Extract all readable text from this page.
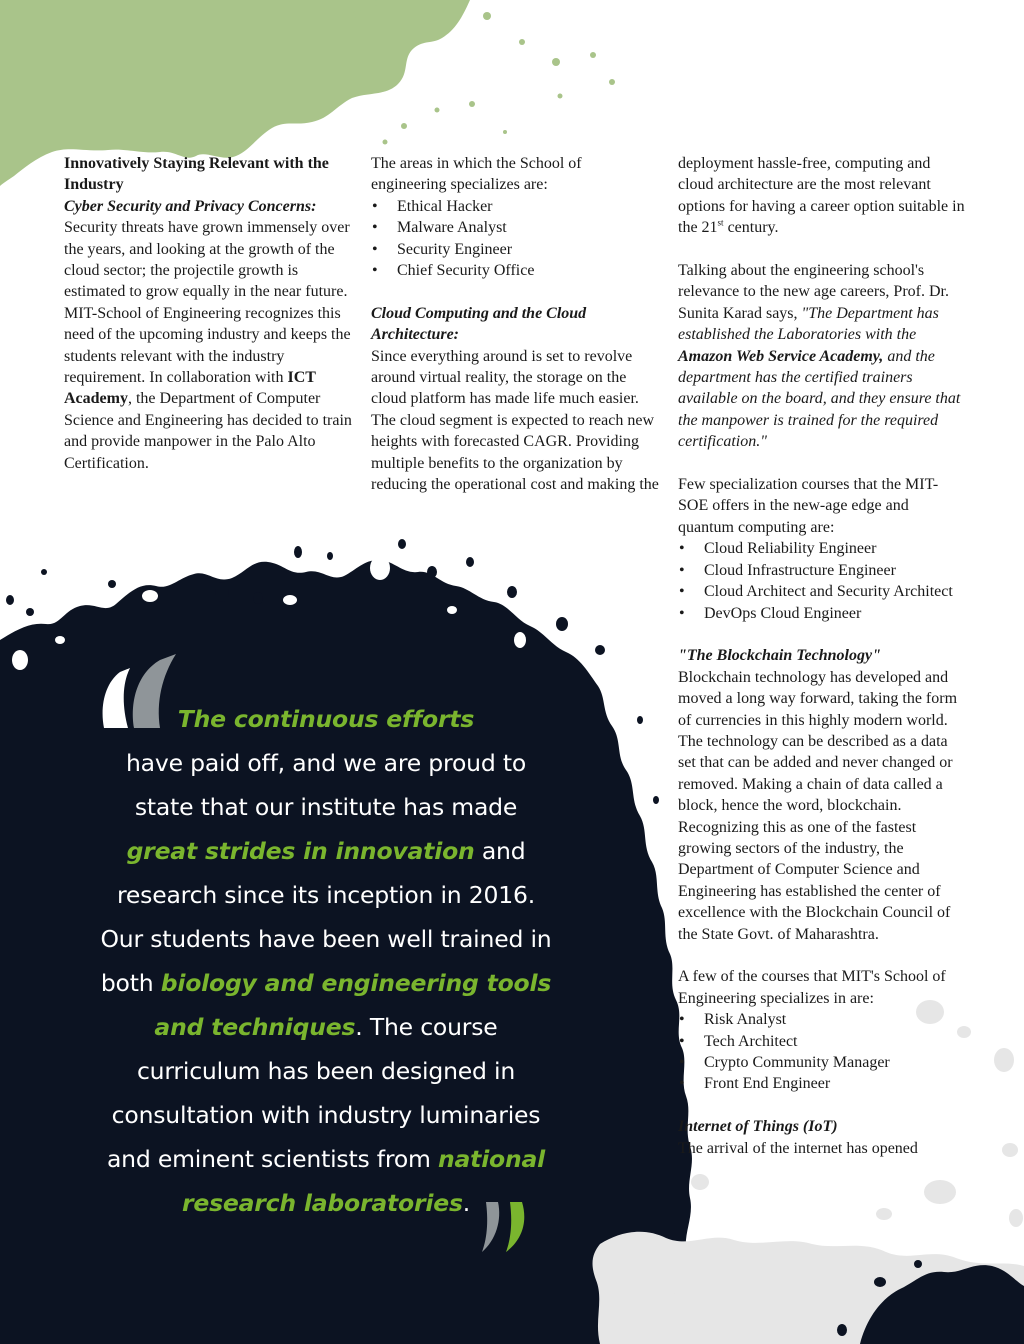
Innovatively Staying Relevant with the Industry

Cyber Security and Privacy Concerns:

Security threats have grown immensely over the years, and looking at the growth of the cloud sector; the projectile growth is estimated to grow equally in the near future. MIT-School of Engineering recognizes this need of the upcoming industry and keeps the students relevant with the industry requirement. In collaboration with ICT Academy, the Department of Computer Science and Engineering has decided to train and provide manpower in the Palo Alto Certification.

The areas in which the School of engineering specializes are:

• Ethical Hacker
• Malware Analyst
• Security Engineer
• Chief Security Office

Cloud Computing and the Cloud Architecture:

Since everything around is set to revolve around virtual reality, the storage on the cloud platform has made life much easier. The cloud segment is expected to reach new heights with forecasted CAGR. Providing multiple benefits to the organization by reducing the operational cost and making the

deployment hassle-free, computing and cloud architecture are the most relevant options for having a career option suitable in the 21st century.

Talking about the engineering school's relevance to the new age careers, Prof. Dr. Sunita Karad says, "The Department has established the Laboratories with the Amazon Web Service Academy, and the department has the certified trainers available on the board, and they ensure that the manpower is trained for the required certification."

Few specialization courses that the MIT-SOE offers in the new-age edge and quantum computing are:

• Cloud Reliability Engineer
• Cloud Infrastructure Engineer
• Cloud Architect and Security Architect
• DevOps Cloud Engineer

"The Blockchain Technology"

Blockchain technology has developed and moved a long way forward, taking the form of currencies in this highly modern world. The technology can be described as a data set that can be added and never changed or removed. Making a chain of data called a block, hence the word, blockchain. Recognizing this as one of the fastest growing sectors of the industry, the Department of Computer Science and Engineering has established the center of excellence with the Blockchain Council of the State Govt. of Maharashtra.

A few of the courses that MIT's School of Engineering specializes in are:

• Risk Analyst
• Tech Architect
• Crypto Community Manager
• Front End Engineer

Internet of Things (IoT)

The arrival of the internet has opened

The continuous efforts
have paid off, and we are proud to
state that our institute has made
great strides in innovation and
research since its inception in 2016.
Our students have been well trained in
both biology and engineering tools
and techniques. The course
curriculum has been designed in
consultation with industry luminaries
and eminent scientists from national
research laboratories.
